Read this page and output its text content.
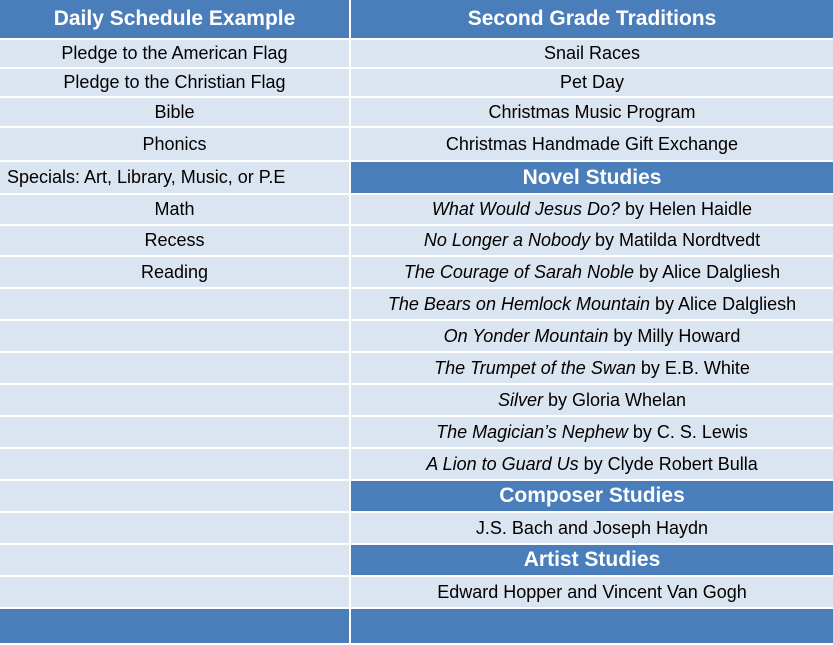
Daily Schedule Example	Second Grade Traditions
Pledge to the American Flag	Snail Races
Pledge to the Christian Flag	Pet Day
Bible	Christmas Music Program
Phonics	Christmas Handmade Gift Exchange
Specials: Art, Library, Music, or P.E	Novel Studies
Math	What Would Jesus Do? by Helen Haidle
Recess	No Longer a Nobody by Matilda Nordtvedt
Reading	The Courage of Sarah Noble by Alice Dalgliesh
	The Bears on Hemlock Mountain by Alice Dalgliesh
	On Yonder Mountain by Milly Howard
	The Trumpet of the Swan by E.B. White
	Silver by Gloria Whelan
	The Magician’s Nephew by C. S. Lewis
	A Lion to Guard Us by Clyde Robert Bulla
	Composer Studies
	J.S. Bach and Joseph Haydn
	Artist Studies
	Edward Hopper and Vincent Van Gogh
